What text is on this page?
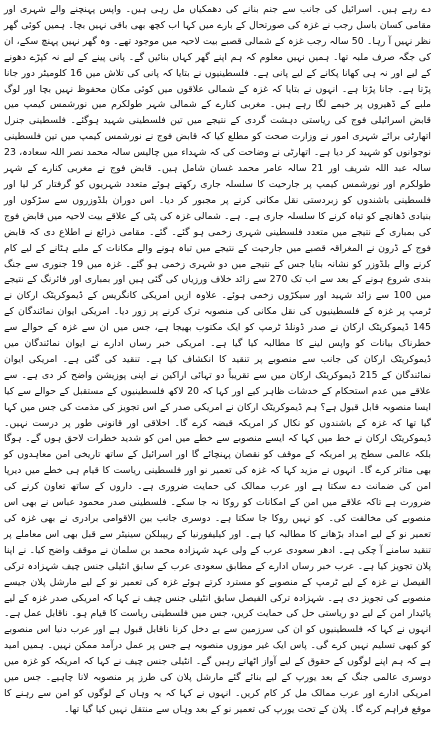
دے رہے ہیں۔ اسرائیل کی جانب سے جنم بنانے کی دھمکیاں مل رہی ہیں۔ واپس پہنچنے والے شہری اور مقامی کسان باسل رجب نے غزہ کی صورتحال کے بارے میں کہا اب کچھ بھی باقی نہیں بچا۔ ہمیں کوئی گھر نظر نہیں آ رہا۔ 50 سالہ رجب غزہ کے شمالی قصبے بیت لاحیہ میں موجود تھے۔ وہ گھر نہیں پہنچ سکے، ان کی جگہ صرف ملبہ تھا۔ ہمیں نہیں معلوم کہ ہم اپنے گھر کہاں بنائیں گے۔ پانی پینے کے لیے نہ کپڑے دھونے کے لیے اور نہ ہی کھانا پکانے کے لیے پانی ہے۔ فلسطینیوں نے بتایا کہ پانی کی تلاش میں 16 کلومیٹر دور جانا پڑتا ہے۔ جانا پڑتا ہے۔ انہوں نے بتایا کہ غزہ کے شمالی علاقوں میں کوئی مکان محفوظ نہیں بچا اور لوگ ملبے کے ڈھیروں پر خیمے لگا رہے ہیں۔ مغربی کنارے کے شمالی شہر طولکرم میں نورشمس کیمپ میں قابض اسرائیلی فوج کی ریاستی دہشت گردی کے نتیجے میں تین فلسطینی شہید ہوگئے۔ فلسطینی جنرل اتھارٹی برائے شہری امور نے وزارت صحت کو مطلع کیا کہ قابض فوج نے نورشمس کیمپ میں تین فلسطینی نوجوانوں کو شہید کر دیا ہے۔ اتھارٹی نے وضاحت کی کہ شہداء میں چالیس سالہ محمد نصر اللہ سعادہ، 23 سالہ عبد اللہ شریف اور 21 سالہ عامر محمد غسان شامل ہیں۔ قابض فوج نے مغربی کنارے کے شہر طولکرم اور نورشمس کیمپ پر جارحیت کا سلسلہ جاری رکھتے ہوئے متعدد شہریوں کو گرفتار کر لیا اور فلسطینی باشندوں کو زبردستی نقل مکانی کرنے پر مجبور کر دیا۔ اس دوران بلڈوزروں سے سڑکوں اور بنیادی ڈھانچے کو تباہ کرنے کا سلسلہ جاری ہے۔ ہے۔ شمالی غزہ کی پٹی کے علاقے بیت لاحیہ میں قابض فوج کی بمباری کے نتیجے میں متعدد فلسطینی شہری زخمی ہو گئے۔ گئے۔ مقامی ذرائع نے اطلاع دی کہ قابض فوج کے ڈرون نے المغراقہ قصبے میں جارحیت کے نتیجے میں تباہ ہونے والے مکانات کے ملبے ہٹانے کے لیے کام کرنے والے بلڈوزر کو نشانہ بنایا جس کے نتیجے میں دو شہری زخمی ہو گئے۔ غزہ میں 19 جنوری سے جنگ بندی شروع ہونے کے بعد سے اب تک 270 سے زائد خلاف ورزیاں کی گئی ہیں اور بمباری اور فائرنگ کے نتیجے میں 100 سے زائد شہید اور سیکڑوں زخمی ہوئے۔ علاوہ ازیں امریکی کانگریس کے ڈیموکریٹک ارکان نے ٹرمپ پر غزہ کے فلسطینیوں کی نقل مکانی کی منصوبہ ترک کرنے پر زور دیا۔ امریکی ایوان نمائندگان کے 145 ڈیموکریٹک ارکان نے صدر ڈونلڈ ٹرمپ کو ایک مکتوب بھیجا ہے، جس میں ان سے غزہ کے حوالے سے خطرناک بیانات کو واپس لینے کا مطالبہ کیا گیا ہے۔ امریکی خبر رساں ادارے نے ایوان نمائندگان میں ڈیموکریٹک ارکان کی جانب سے منصوبے پر تنقید کا انکشاف کیا ہے۔ تنقید کی گئی ہے۔ امریکی ایوان نمائندگان کے 215 ڈیموکریٹک ارکان میں سے تقریباً دو تہائی اراکین نے اپنی پوزیشن واضح کر دی ہے۔ سے علاقے میں عدم استحکام کے خدشات ظاہر کیے اور کہا کہ 20 لاکھ فلسطینیوں کے مستقبل کے حوالے سے کیا ایسا منصوبہ قابل قبول ہے؟ ہم ڈیموکریٹک ارکان نے امریکی صدر کے اس تجویز کی مذمت کی جس میں کہا گیا تھا کہ غزہ کے باشندوں کو نکال کر امریکہ قبضہ کرے گا۔ اخلاقی اور قانونی طور پر درست نہیں۔ ڈیموکریٹک ارکان نے خط میں کہا کہ ایسے منصوبے سے خطے میں امن کو شدید خطرات لاحق ہوں گے۔ ہوگا بلکہ عالمی سطح پر امریکہ کے موقف کو نقصان پہنچائے گا اور اسرائیل کے ساتھ تاریخی امن معاہدوں کو بھی متاثر کرے گا۔ انہوں نے مزید کہا کہ غزہ کی تعمیر نو اور فلسطینی ریاست کا قیام ہی خطے میں دیرپا امن کی ضمانت دے سکتا ہے اور عرب ممالک کی حمایت ضروری ہے۔ داروں کے ساتھ تعاون کرنے کی ضرورت ہے تاکہ علاقے میں امن کے امکانات کو روکا نہ جا سکے۔ فلسطینی صدر محمود عباس نے بھی اس منصوبے کی مخالفت کی۔ کو نہیں روکا جا سکتا ہے۔ دوسری جانب بین الاقوامی برادری نے بھی غزہ کی تعمیر نو کے لیے امداد بڑھانے کا مطالبہ کیا ہے۔ اور کیلیفورنیا کے ریپبلکن سینیٹر سے قبل بھی اس معاملے پر تنقید سامنے آ چکی ہے۔ ادھر سعودی عرب کے ولی عہد شہزادہ محمد بن سلمان نے موقف واضح کیا۔ نے اپنا پلان تجویز کیا ہے۔ عرب خبر رساں ادارے کے مطابق سعودی عرب کے سابق انٹیلی جنس چیف شہزادہ ترکی الفیصل نے غزہ کے لیے ٹرمپ کے منصوبے کو مسترد کرتے ہوئے غزہ کی تعمیر نو کے لیے مارشل پلان جیسے منصوبے کی تجویز دی ہے۔ شہزادہ ترکی الفیصل سابق انٹیلی جنس چیف نے کہا کہ امریکی صدر غزہ کے لیے پائیدار امن کے لیے دو ریاستی حل کی حمایت کریں، جس میں فلسطینی ریاست کا قیام ہو۔ ناقابل عمل ہے۔ انہوں نے کہا کہ فلسطینیوں کو ان کی سرزمین سے بے دخل کرنا ناقابل قبول ہے اور عرب دنیا اس منصوبے کو کبھی تسلیم نہیں کرے گی۔ پاس ایک غیر موزوں منصوبہ ہے جس پر عمل درآمد ممکن نہیں۔ ہمیں امید ہے کہ ہم اپنے لوگوں کے حقوق کے لیے آواز اٹھاتے رہیں گے۔ انٹیلی جنس چیف نے کہا کہ امریکہ کو غزہ میں دوسری عالمی جنگ کے بعد یورپ کے لیے بنائے گئے مارشل پلان کی طرز پر منصوبہ لانا چاہیے۔ جس میں امریکی ادارے اور عرب ممالک مل کر کام کریں۔ انہوں نے کہا کہ یہ وہاں کے لوگوں کو امن سے رہنے کا موقع فراہم کرے گا۔ پلان کے تحت یورپ کی تعمیر نو کے بعد وہاں سے منتقل نہیں کیا گیا تھا۔
